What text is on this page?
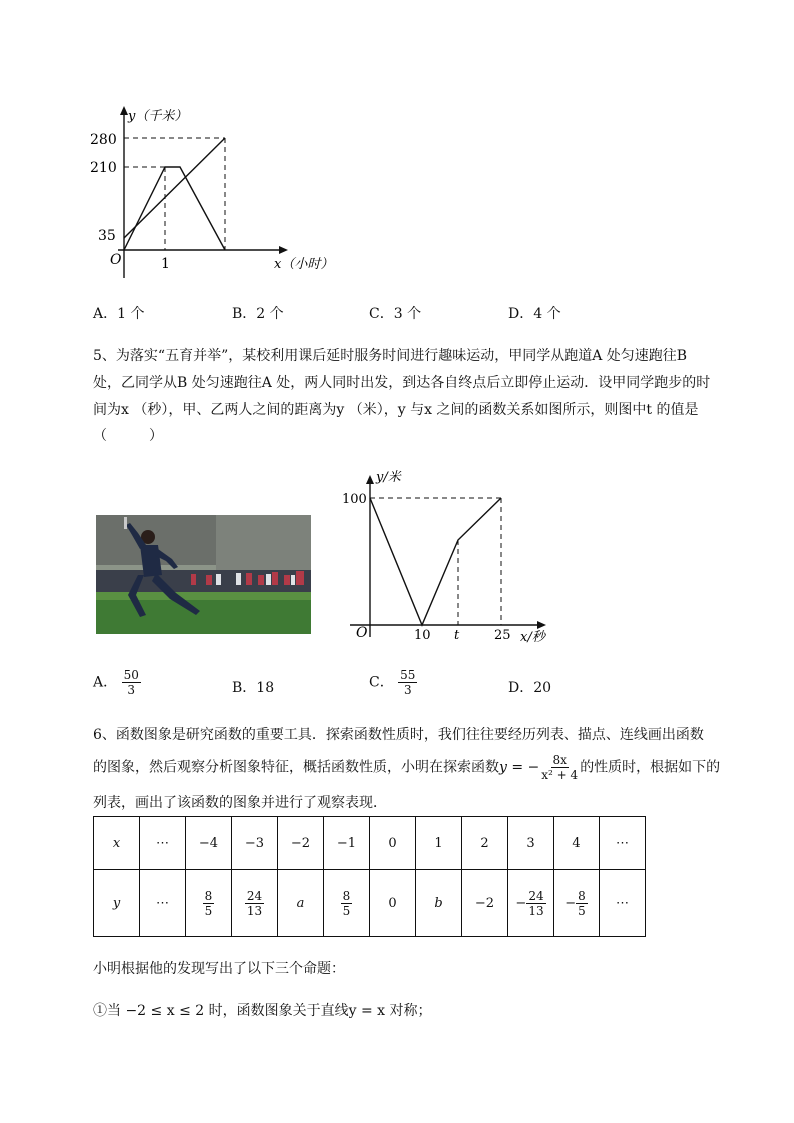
y（千米）
280
210
35
O	1	x（小时）
A．1 个	B．2 个	C．3 个	D．4 个
5、为落实“五育并举”，某校利用课后延时服务时间进行趣味运动，甲同学从跑道A 处匀速跑往B
处，乙同学从B 处匀速跑往A 处，两人同时出发，到达各自终点后立即停止运动．设甲同学跑步的时
间为x （秒），甲、乙两人之间的距离为y （米），y 与x 之间的函数关系如图所示，则图中t 的值是
（　　　）
y/米
100
O	10 t	25 x/秒
A． $\frac{50}{3}$	B．18	C． $\frac{55}{3}$	D．20
6、函数图象是研究函数的重要工具．探索函数性质时，我们往往要经历列表、描点、连线画出函数
的图象，然后观察分析图象特征，概括函数性质，小明在探索函数y = − $\frac{8x}{\text{x² + 4}}$ 的性质时，根据如下的
列表，画出了该函数的图象并进行了观察表现．
x	⋯	−4	−3	−2	−1	0	1	2	3	4	⋯
y	⋯	$\frac{8}{5}$	$\frac{24}{13}$	a	$\frac{8}{5}$	0	b	−2	− $\frac{24}{13}$	− $\frac{8}{5}$	⋯
小明根据他的发现写出了以下三个命题：
①当 −2 ≤ x ≤ 2 时，函数图象关于直线y = x 对称；
